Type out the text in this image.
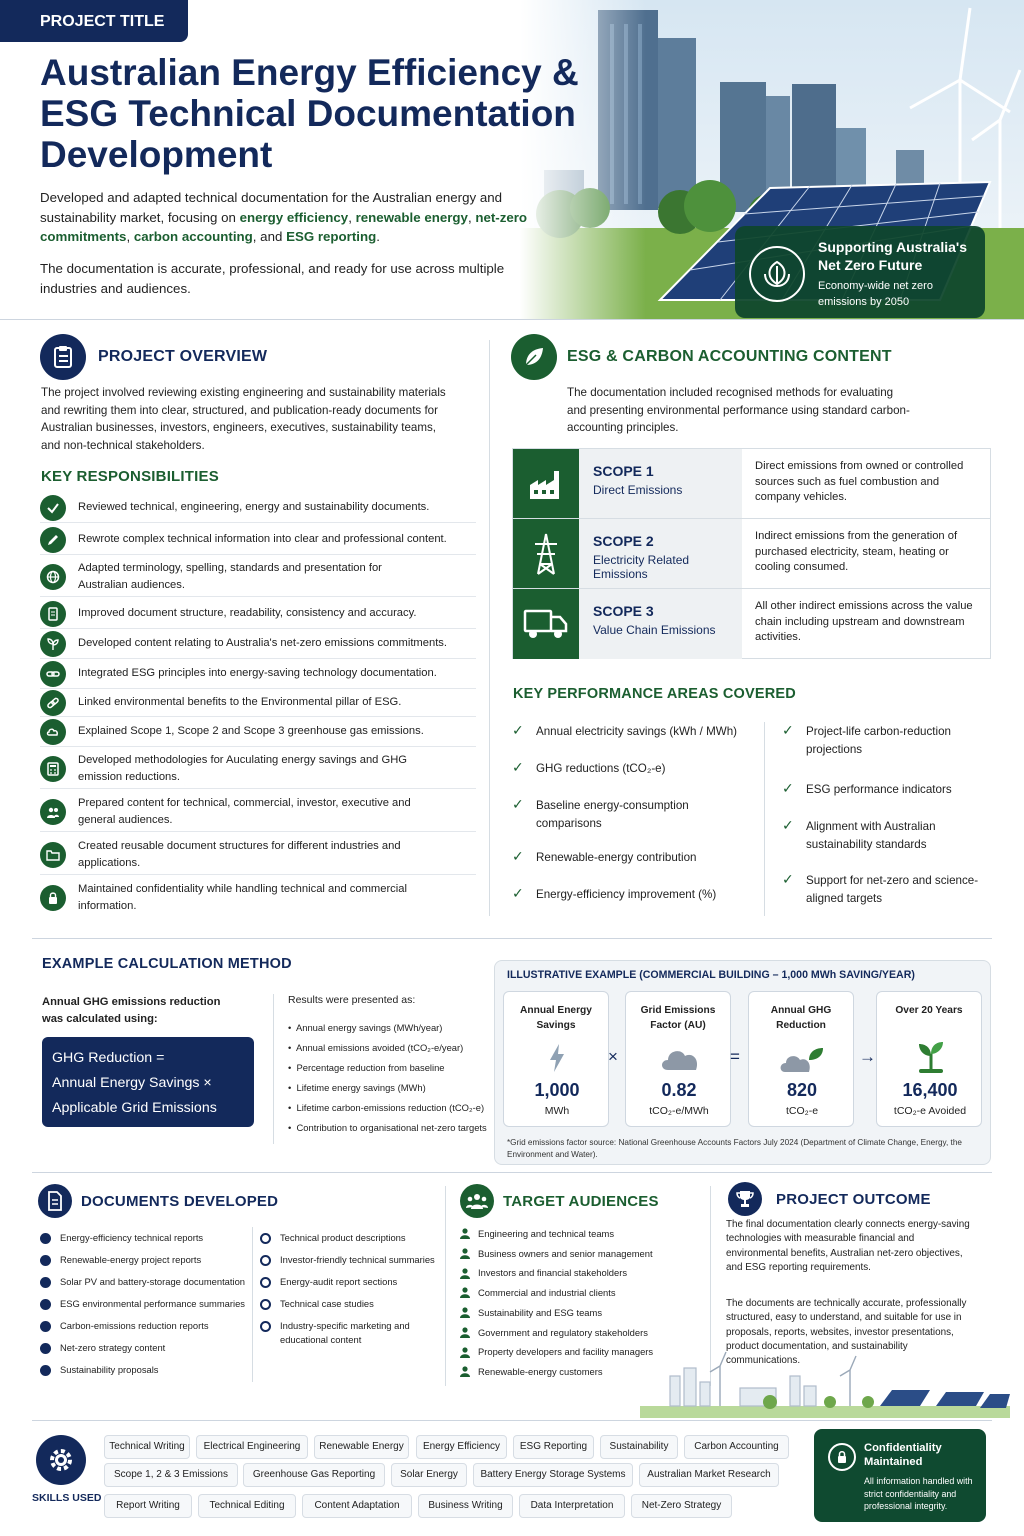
PROJECT TITLE
Australian Energy Efficiency & ESG Technical Documentation Development
Developed and adapted technical documentation for the Australian energy and sustainability market, focusing on energy efficiency, renewable energy, net-zero commitments, carbon accounting, and ESG reporting.
The documentation is accurate, professional, and ready for use across multiple industries and audiences.
Supporting Australia's Net Zero Future
Economy-wide net zero emissions by 2050
PROJECT OVERVIEW
The project involved reviewing existing engineering and sustainability materials and rewriting them into clear, structured, and publication-ready documents for Australian businesses, investors, engineers, executives, sustainability teams, and non-technical stakeholders.
KEY RESPONSIBILITIES
Reviewed technical, engineering, energy and sustainability documents.
Rewrote complex technical information into clear and professional content.
Adapted terminology, spelling, standards and presentation for Australian audiences.
Improved document structure, readability, consistency and accuracy.
Developed content relating to Australia's net-zero emissions commitments.
Integrated ESG principles into energy-saving technology documentation.
Linked environmental benefits to the Environmental pillar of ESG.
Explained Scope 1, Scope 2 and Scope 3 greenhouse gas emissions.
Developed methodologies for Auculating energy savings and GHG emission reductions.
Prepared content for technical, commercial, investor, executive and general audiences.
Created reusable document structures for different industries and applications.
Maintained confidentiality while handling technical and commercial information.
ESG & CARBON ACCOUNTING CONTENT
The documentation included recognised methods for evaluating and presenting environmental performance using standard carbon-accounting principles.
SCOPE 1
Direct Emissions
Direct emissions from owned or controlled sources such as fuel combustion and company vehicles.
SCOPE 2
Electricity Related Emissions
Indirect emissions from the generation of purchased electricity, steam, heating or cooling consumed.
SCOPE 3
Value Chain Emissions
All other indirect emissions across the value chain including upstream and downstream activities.
KEY PERFORMANCE AREAS COVERED
✓ Annual electricity savings (kWh / MWh)
✓ GHG reductions (tCO₂-e)
✓ Baseline energy-consumption comparisons
✓ Renewable-energy contribution
✓ Energy-efficiency improvement (%)
✓ Project-life carbon-reduction projections
✓ ESG performance indicators
✓ Alignment with Australian sustainability standards
✓ Support for net-zero and science-aligned targets
EXAMPLE CALCULATION METHOD
Annual GHG emissions reduction was calculated using:
GHG Reduction =
Annual Energy Savings ×
Applicable Grid Emissions Factor
Results were presented as:
•  Annual energy savings (MWh/year)
•  Annual emissions avoided (tCO₂-e/year)
•  Percentage reduction from baseline
•  Lifetime energy savings (MWh)
•  Lifetime carbon-emissions reduction (tCO₂-e)
•  Contribution to organisational net-zero targets
ILLUSTRATIVE EXAMPLE (COMMERCIAL BUILDING – 1,000 MWh SAVING/YEAR)
Annual Energy Savings
1,000
MWh
×
Grid Emissions Factor (AU)
0.82
tCO₂-e/MWh
=
Annual GHG Reduction
820
tCO₂-e
→
Over 20 Years
16,400
tCO₂-e Avoided
*Grid emissions factor source: National Greenhouse Accounts Factors July 2024 (Department of Climate Change, Energy, the Environment and Water).
DOCUMENTS DEVELOPED
Energy-efficiency technical reports
Renewable-energy project reports
Solar PV and battery-storage documentation
ESG environmental performance summaries
Carbon-emissions reduction reports
Net-zero strategy content
Sustainability proposals
Technical product descriptions
Investor-friendly technical summaries
Energy-audit report sections
Technical case studies
Industry-specific marketing and educational content
TARGET AUDIENCES
Engineering and technical teams
Business owners and senior management
Investors and financial stakeholders
Commercial and industrial clients
Sustainability and ESG teams
Government and regulatory stakeholders
Property developers and facility managers
Renewable-energy customers
PROJECT OUTCOME
The final documentation clearly connects energy-saving technologies with measurable financial and environmental benefits, Australian net-zero objectives, and ESG reporting requirements.
The documents are technically accurate, professionally structured, easy to understand, and suitable for use in proposals, reports, websites, investor presentations, product documentation, and sustainability communications.
SKILLS USED
Technical Writing	Electrical Engineering	Renewable Energy	Energy Efficiency	ESG Reporting	Sustainability	Carbon Accounting
Scope 1, 2 & 3 Emissions	Greenhouse Gas Reporting	Solar Energy	Battery Energy Storage Systems	Australian Market Research
Report Writing	Technical Editing	Content Adaptation	Business Writing	Data Interpretation	Net-Zero Strategy
Confidentiality Maintained
All information handled with strict confidentiality and professional integrity.
